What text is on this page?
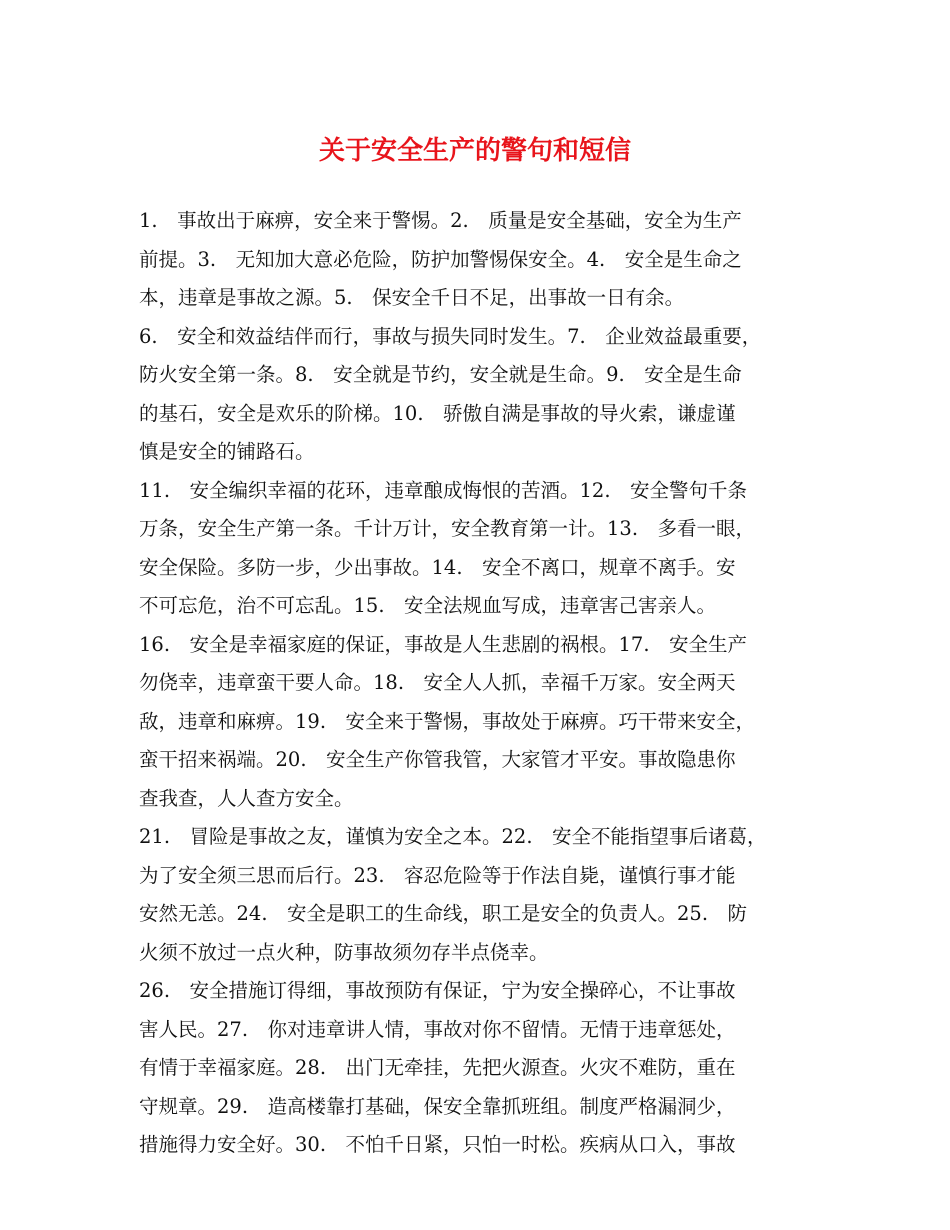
关于安全生产的警句和短信

1.　事故出于麻痹，安全来于警惕。2.　质量是安全基础，安全为生产
前提。3.　无知加大意必危险，防护加警惕保安全。4.　安全是生命之
本，违章是事故之源。5.　保安全千日不足，出事故一日有余。

6.　安全和效益结伴而行，事故与损失同时发生。7.　企业效益最重要，
防火安全第一条。8.　安全就是节约，安全就是生命。9.　安全是生命
的基石，安全是欢乐的阶梯。10.　骄傲自满是事故的导火索，谦虚谨
慎是安全的铺路石。

11.　安全编织幸福的花环，违章酿成悔恨的苦酒。12.　安全警句千条
万条，安全生产第一条。千计万计，安全教育第一计。13.　多看一眼，
安全保险。多防一步，少出事故。14.　安全不离口，规章不离手。安
不可忘危，治不可忘乱。15.　安全法规血写成，违章害己害亲人。

16.　安全是幸福家庭的保证，事故是人生悲剧的祸根。17.　安全生产
勿侥幸，违章蛮干要人命。18.　安全人人抓，幸福千万家。安全两天
敌，违章和麻痹。19.　安全来于警惕，事故处于麻痹。巧干带来安全，
蛮干招来祸端。20.　安全生产你管我管，大家管才平安。事故隐患你
查我查，人人查方安全。

21.　冒险是事故之友，谨慎为安全之本。22.　安全不能指望事后诸葛，
为了安全须三思而后行。23.　容忍危险等于作法自毙，谨慎行事才能
安然无恙。24.　安全是职工的生命线，职工是安全的负责人。25.　防
火须不放过一点火种，防事故须勿存半点侥幸。

26.　安全措施订得细，事故预防有保证，宁为安全操碎心，不让事故
害人民。27.　你对违章讲人情，事故对你不留情。无情于违章惩处，
有情于幸福家庭。28.　出门无牵挂，先把火源查。火灾不难防，重在
守规章。29.　造高楼靠打基础，保安全靠抓班组。制度严格漏洞少，
措施得力安全好。30.　不怕千日紧，只怕一时松。疾病从口入，事故
